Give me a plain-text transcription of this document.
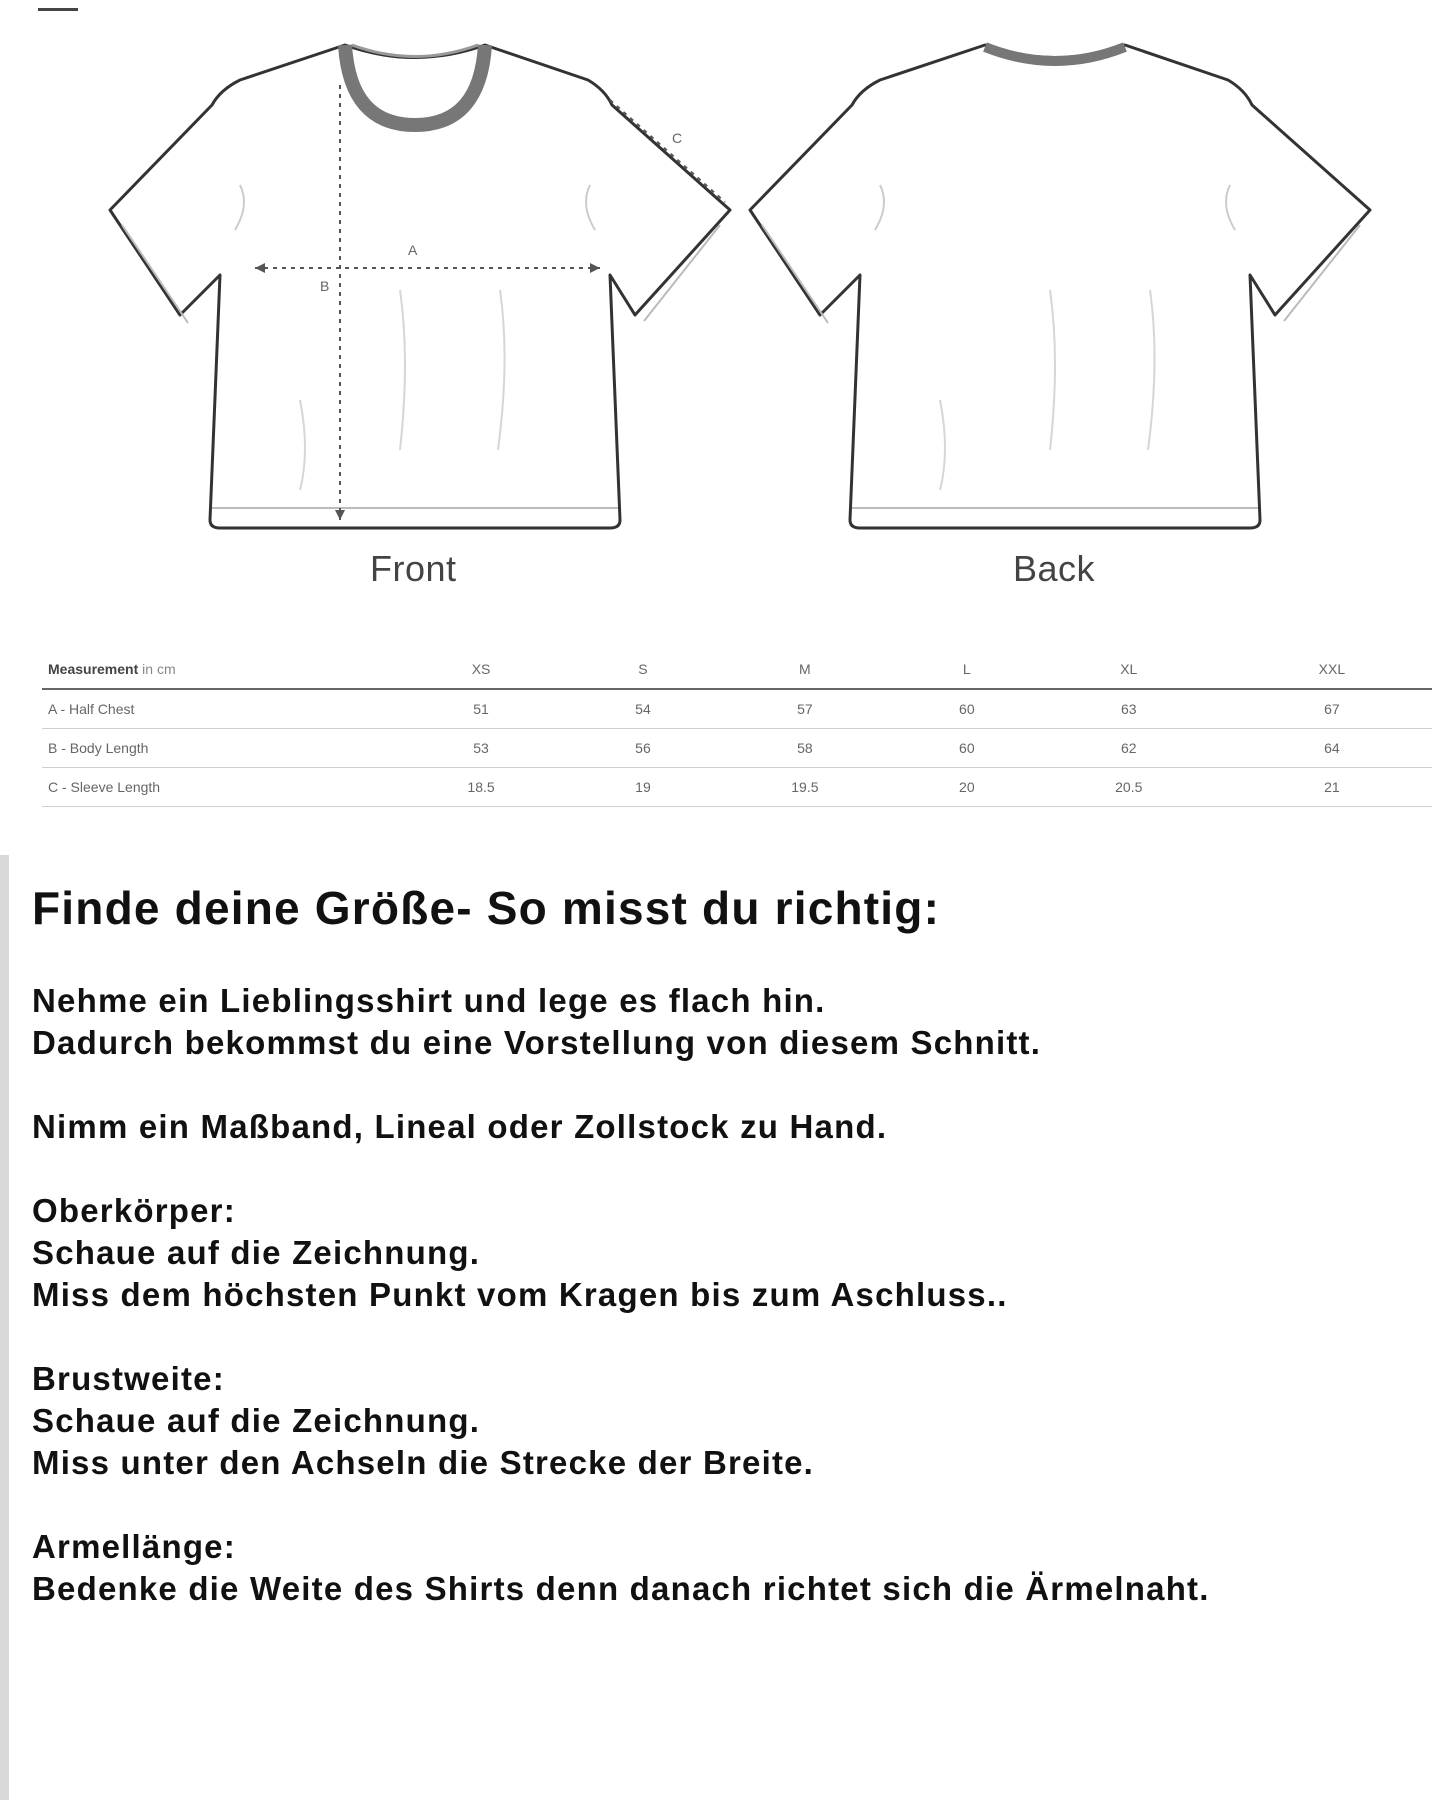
A
B
C
Front	Back
Measurement in cm	XS	S	M	L	XL	XXL
A - Half Chest	51	54	57	60	63	67
B - Body Length	53	56	58	60	62	64
C - Sleeve Length	18.5	19	19.5	20	20.5	21
Finde deine Größe- So misst du richtig:

Nehme ein Lieblingsshirt und lege es flach hin.
Dadurch bekommst du eine Vorstellung von diesem Schnitt.

Nimm ein Maßband, Lineal oder Zollstock zu Hand.

Oberkörper:
Schaue auf die Zeichnung.
Miss dem höchsten Punkt vom Kragen bis zum Aschluss..

Brustweite:
Schaue auf die Zeichnung.
Miss unter den Achseln die Strecke der Breite.

Armellänge:
Bedenke die Weite des Shirts denn danach richtet sich die Ärmelnaht.
